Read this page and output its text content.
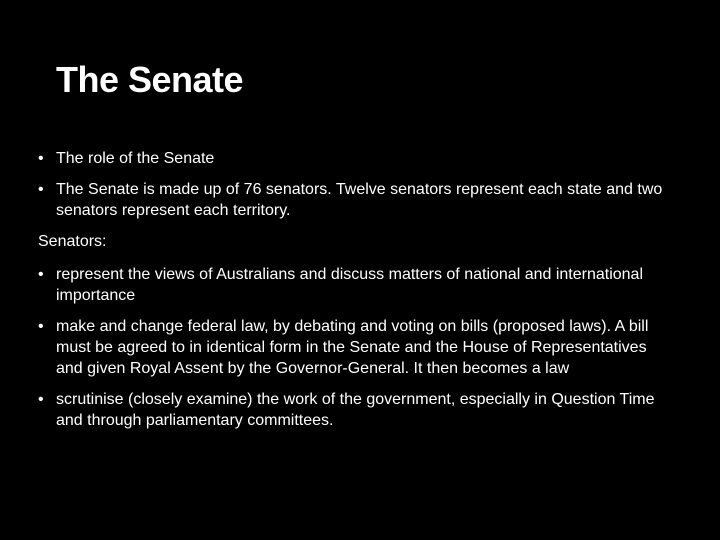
The Senate
• The role of the Senate
• The Senate is made up of 76 senators. Twelve senators represent each state and two senators represent each territory.
Senators:
• represent the views of Australians and discuss matters of national and international importance
• make and change federal law, by debating and voting on bills (proposed laws). A bill must be agreed to in identical form in the Senate and the House of Representatives and given Royal Assent by the Governor-General. It then becomes a law
• scrutinise (closely examine) the work of the government, especially in Question Time and through parliamentary committees.
